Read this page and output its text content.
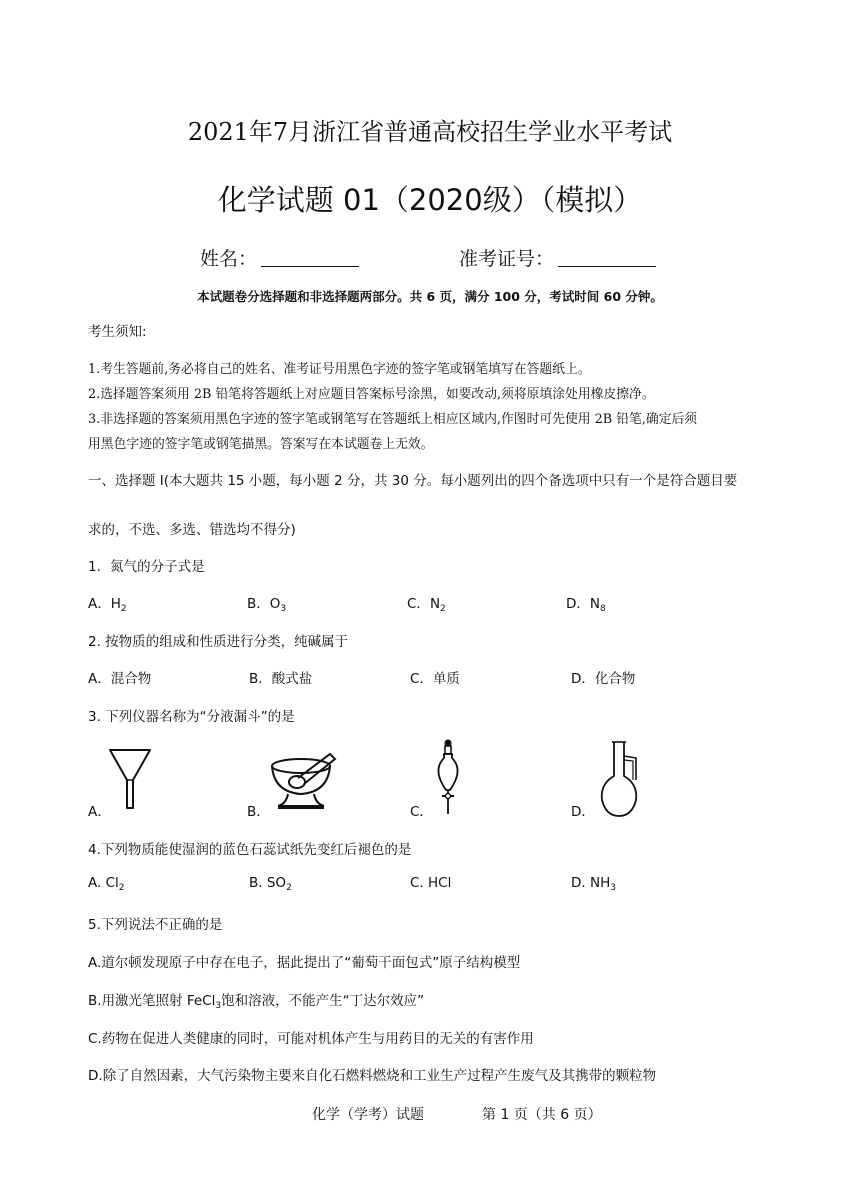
2021年7月浙江省普通高校招生学业水平考试
化学试题 01（2020级）（模拟）
姓名：	准考证号：
本试题卷分选择题和非选择题两部分。共 6 页，满分 100 分，考试时间 60 分钟。
考生须知:
1.考生答题前,务必将自己的姓名、准考证号用黑色字迹的签字笔或钢笔填写在答题纸上。
2.选择题答案须用 2B 铅笔将答题纸上对应题目答案标号涂黑，如要改动,须将原填涂处用橡皮擦净。
3.非选择题的答案须用黑色字迹的签字笔或钢笔写在答题纸上相应区域内,作图时可先使用 2B 铅笔,确定后须
用黑色字迹的签字笔或钢笔描黑。答案写在本试题卷上无效。
一、选择题 I(本大题共 15 小题，每小题 2 分，共 30 分。每小题列出的四个备选项中只有一个是符合题目要
求的，不选、多选、错选均不得分)
1．氮气的分子式是
A．$H_2$	B．$O_3$	C．$N_2$	D．$N_8$
2. 按物质的组成和性质进行分类，纯碱属于
A．混合物	B．酸式盐	C．单质	D．化合物
3. 下列仪器名称为“分液漏斗”的是
A．	B．	C．	D．
4.下列物质能使湿润的蓝色石蕊试纸先变红后褪色的是
A. $Cl_2$	B. $SO_2$	C. HCl	D. $NH_3$
5.下列说法不正确的是
A.道尔顿发现原子中存在电子，据此提出了“葡萄干面包式”原子结构模型
B.用激光笔照射 FeCl$_3$饱和溶液，不能产生“丁达尔效应”
C.药物在促进人类健康的同时，可能对机体产生与用药目的无关的有害作用
D.除了自然因素，大气污染物主要来自化石燃料燃烧和工业生产过程产生废气及其携带的颗粒物
化学（学考）试题	第 1 页（共 6 页）
